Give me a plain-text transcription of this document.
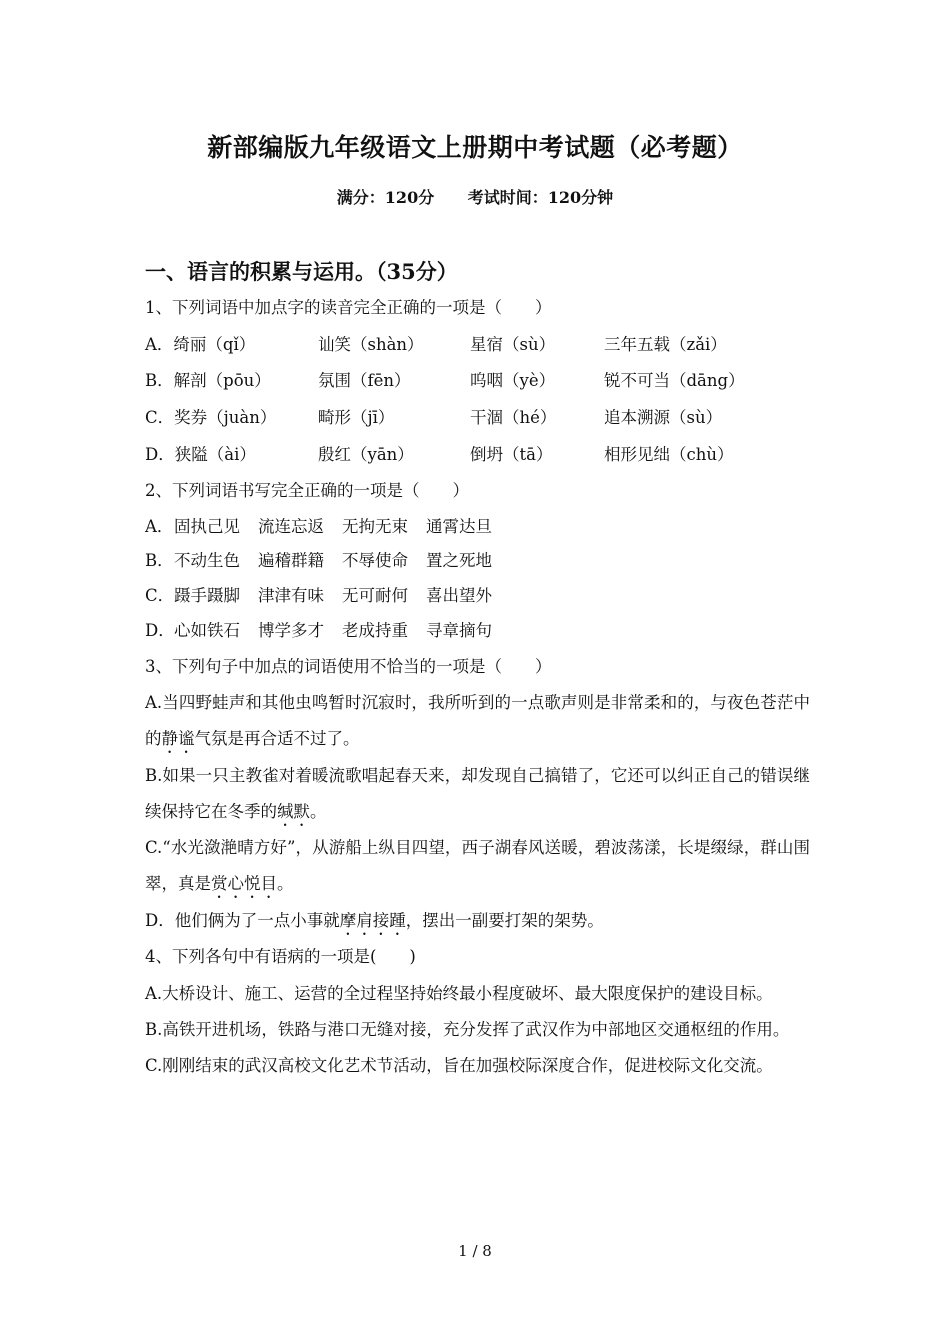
新部编版九年级语文上册期中考试题（必考题）
满分：120分 考试时间：120分钟
一、语言的积累与运用。（35分）
1、下列词语中加点字的读音完全正确的一项是（　　）
A．绮丽（qǐ）	讪笑（shàn）	星宿（sù）	三年五载（zǎi）
B．解剖（pōu）	氛围（fēn）	呜咽（yè）	锐不可当（dāng）
C．奖券（juàn）	畸形（jī）	干涸（hé）	追本溯源（sù）
D．狭隘（ài）	殷红（yān）	倒坍（tā）	相形见绌（chù）
2、下列词语书写完全正确的一项是（　　）
A． 固执己见 流连忘返 无拘无束 通霄达旦
B． 不动生色 遍稽群籍 不辱使命 置之死地
C． 蹑手蹑脚 津津有味 无可耐何 喜出望外
D． 心如铁石 博学多才 老成持重 寻章摘句
3、下列句子中加点的词语使用不恰当的一项是（　　）
A.当四野蛙声和其他虫鸣暂时沉寂时，我所听到的一点歌声则是非常柔和的，与夜色苍茫中的静谧气氛是再合适不过了。
B.如果一只主教雀对着暖流歌唱起春天来，却发现自己搞错了，它还可以纠正自己的错误继续保持它在冬季的缄默。
C.“水光潋滟晴方好”，从游船上纵目四望，西子湖春风送暖，碧波荡漾，长堤缀绿，群山围翠，真是赏心悦目。
D．他们俩为了一点小事就摩肩接踵，摆出一副要打架的架势。
4、下列各句中有语病的一项是(　　)
A.大桥设计、施工、运营的全过程坚持始终最小程度破坏、最大限度保护的建设目标。
B.高铁开进机场，铁路与港口无缝对接，充分发挥了武汉作为中部地区交通枢纽的作用。
C.刚刚结束的武汉高校文化艺术节活动，旨在加强校际深度合作，促进校际文化交流。
1 / 8
